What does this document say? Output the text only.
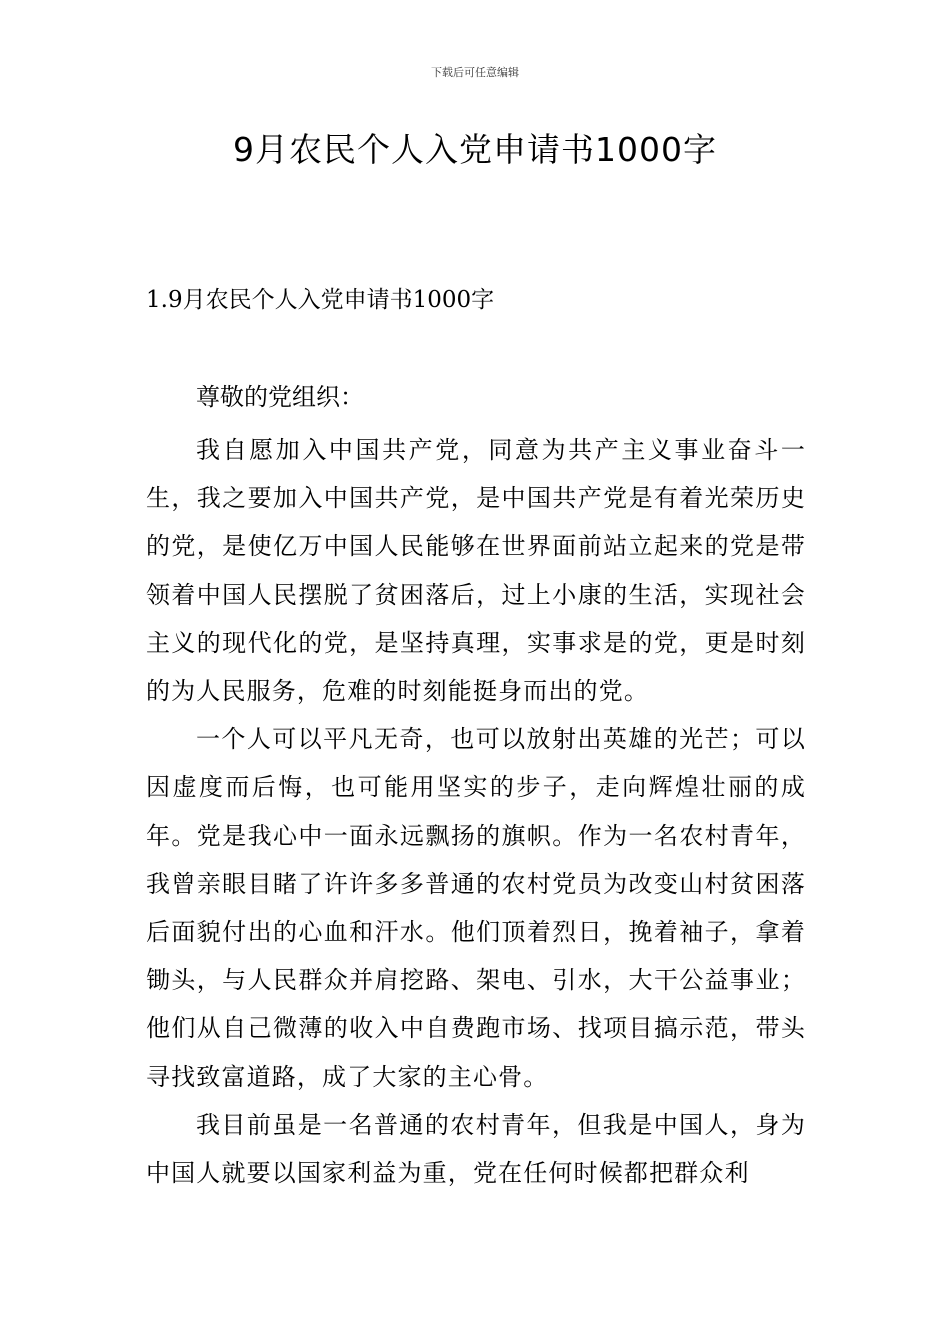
下载后可任意编辑
9月农民个人入党申请书1000字
1.9月农民个人入党申请书1000字

尊敬的党组织：

我自愿加入中国共产党，同意为共产主义事业奋斗一生，我之要加入中国共产党，是中国共产党是有着光荣历史的党，是使亿万中国人民能够在世界面前站立起来的党是带领着中国人民摆脱了贫困落后，过上小康的生活，实现社会主义的现代化的党，是坚持真理，实事求是的党，更是时刻的为人民服务，危难的时刻能挺身而出的党。

一个人可以平凡无奇，也可以放射出英雄的光芒；可以因虚度而后悔，也可能用坚实的步子，走向辉煌壮丽的成年。党是我心中一面永远飘扬的旗帜。作为一名农村青年，我曾亲眼目睹了许许多多普通的农村党员为改变山村贫困落后面貌付出的心血和汗水。他们顶着烈日，挽着袖子，拿着锄头，与人民群众并肩挖路、架电、引水，大干公益事业；他们从自己微薄的收入中自费跑市场、找项目搞示范，带头寻找致富道路，成了大家的主心骨。

我目前虽是一名普通的农村青年，但我是中国人，身为中国人就要以国家利益为重，党在任何时候都把群众利
